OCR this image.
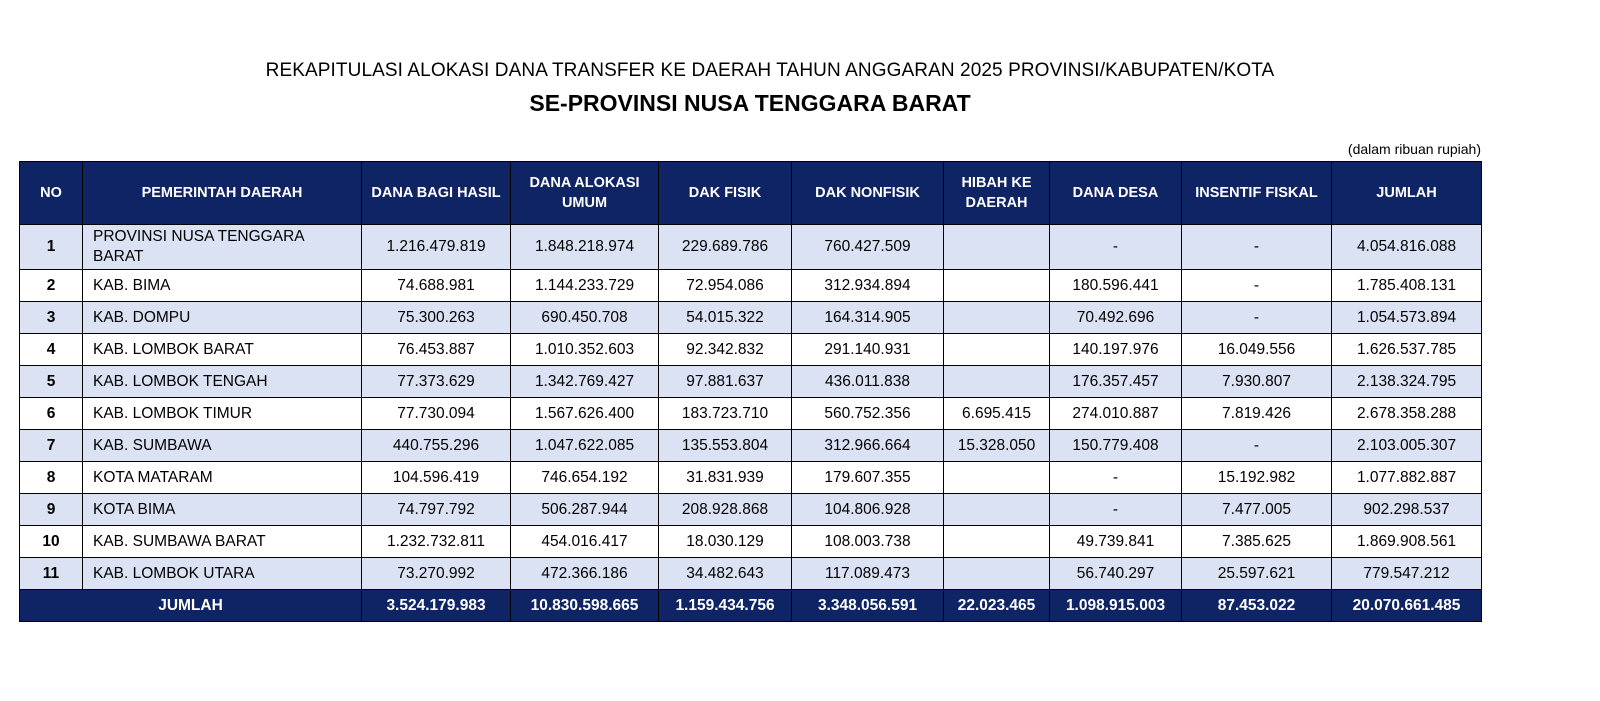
REKAPITULASI ALOKASI DANA TRANSFER KE DAERAH TAHUN ANGGARAN 2025 PROVINSI/KABUPATEN/KOTA
SE-PROVINSI NUSA TENGGARA BARAT
(dalam ribuan rupiah)
NO	PEMERINTAH DAERAH	DANA BAGI HASIL	DANA ALOKASI UMUM	DAK FISIK	DAK NONFISIK	HIBAH KE DAERAH	DANA DESA	INSENTIF FISKAL	JUMLAH
1	PROVINSI NUSA TENGGARA BARAT	1.216.479.819	1.848.218.974	229.689.786	760.427.509		-	-	4.054.816.088
2	KAB. BIMA	74.688.981	1.144.233.729	72.954.086	312.934.894		180.596.441	-	1.785.408.131
3	KAB. DOMPU	75.300.263	690.450.708	54.015.322	164.314.905		70.492.696	-	1.054.573.894
4	KAB. LOMBOK BARAT	76.453.887	1.010.352.603	92.342.832	291.140.931		140.197.976	16.049.556	1.626.537.785
5	KAB. LOMBOK TENGAH	77.373.629	1.342.769.427	97.881.637	436.011.838		176.357.457	7.930.807	2.138.324.795
6	KAB. LOMBOK TIMUR	77.730.094	1.567.626.400	183.723.710	560.752.356	6.695.415	274.010.887	7.819.426	2.678.358.288
7	KAB. SUMBAWA	440.755.296	1.047.622.085	135.553.804	312.966.664	15.328.050	150.779.408	-	2.103.005.307
8	KOTA MATARAM	104.596.419	746.654.192	31.831.939	179.607.355		-	15.192.982	1.077.882.887
9	KOTA BIMA	74.797.792	506.287.944	208.928.868	104.806.928		-	7.477.005	902.298.537
10	KAB. SUMBAWA BARAT	1.232.732.811	454.016.417	18.030.129	108.003.738		49.739.841	7.385.625	1.869.908.561
11	KAB. LOMBOK UTARA	73.270.992	472.366.186	34.482.643	117.089.473		56.740.297	25.597.621	779.547.212
JUMLAH		3.524.179.983	10.830.598.665	1.159.434.756	3.348.056.591	22.023.465	1.098.915.003	87.453.022	20.070.661.485
